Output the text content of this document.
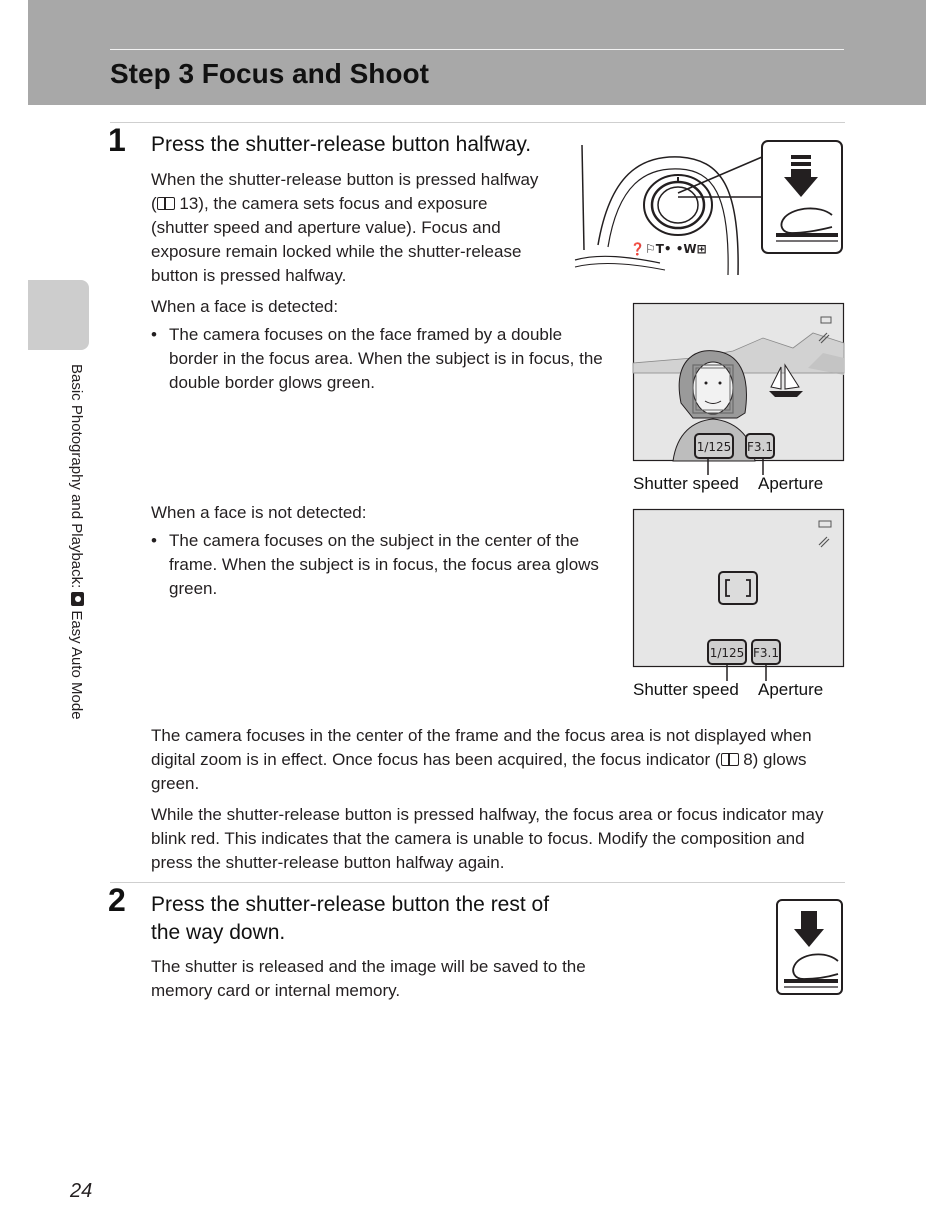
Step 3 Focus and Shoot
Basic Photography and Playback:Easy Auto Mode
1 Press the shutter-release button halfway.

When the shutter-release button is pressed halfway
( 13), the camera sets focus and exposure
(shutter speed and aperture value). Focus and
exposure remain locked while the shutter-release
button is pressed halfway.
❓⚐T• •W⊞
When a face is detected:
• The camera focuses on the face framed by a double border in the focus area. When the subject is in focus, the double border glows green.
1/125 F3.1
Shutter speed Aperture
When a face is not detected:
• The camera focuses on the subject in the center of the frame. When the subject is in focus, the focus area glows green.
1/125 F3.1
Shutter speed Aperture
The camera focuses in the center of the frame and the focus area is not displayed when digital zoom is in effect. Once focus has been acquired, the focus indicator ( 8) glows green.
While the shutter-release button is pressed halfway, the focus area or focus indicator may blink red. This indicates that the camera is unable to focus. Modify the composition and press the shutter-release button halfway again.
2 Press the shutter-release button the rest of
the way down.
The shutter is released and the image will be saved to the memory card or internal memory.
24
